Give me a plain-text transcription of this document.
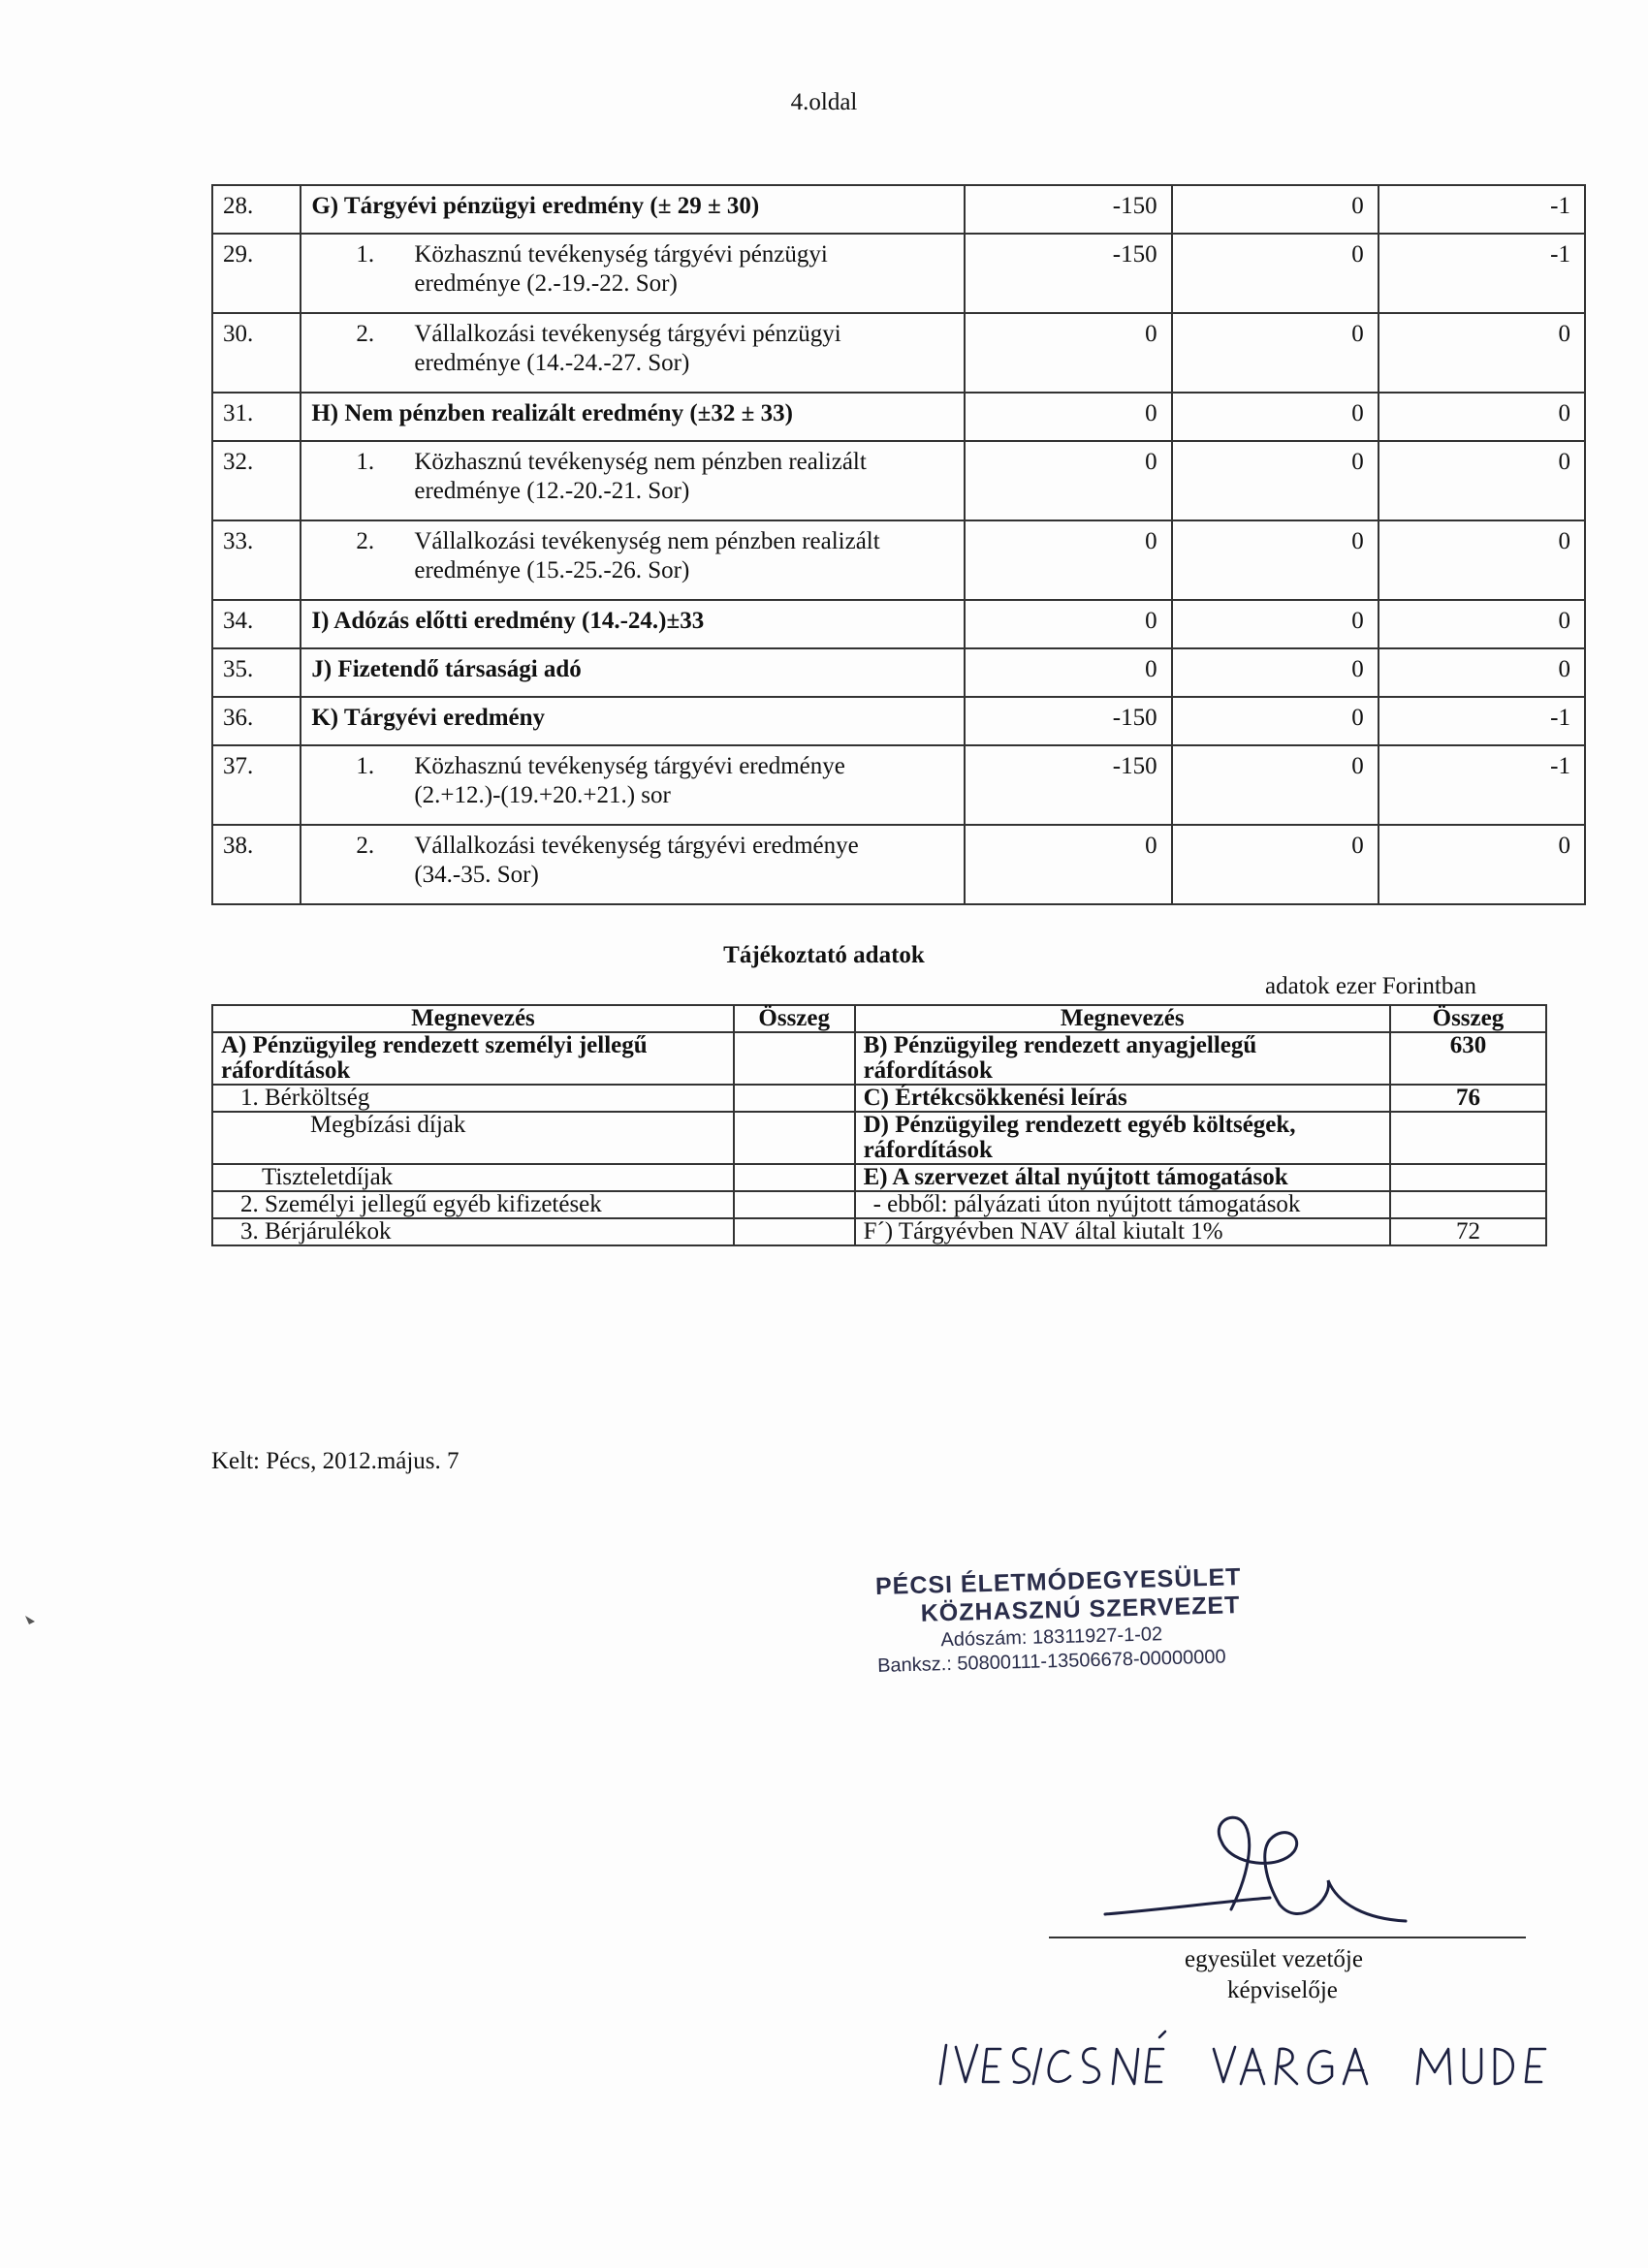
4.oldal
28.	G) Tárgyévi pénzügyi eredmény (± 29 ± 30)	-150	0	-1
29.	1. Közhasznú tevékenység tárgyévi pénzügyi eredménye (2.-19.-22. Sor)	-150	0	-1
30.	2. Vállalkozási tevékenység tárgyévi pénzügyi eredménye (14.-24.-27. Sor)	0	0	0
31.	H) Nem pénzben realizált eredmény (±32 ± 33)	0	0	0
32.	1. Közhasznú tevékenység nem pénzben realizált eredménye (12.-20.-21. Sor)	0	0	0
33.	2. Vállalkozási tevékenység nem pénzben realizált eredménye (15.-25.-26. Sor)	0	0	0
34.	I) Adózás előtti eredmény (14.-24.)±33	0	0	0
35.	J) Fizetendő társasági adó	0	0	0
36.	K) Tárgyévi eredmény	-150	0	-1
37.	1. Közhasznú tevékenység tárgyévi eredménye (2.+12.)-(19.+20.+21.) sor	-150	0	-1
38.	2. Vállalkozási tevékenység tárgyévi eredménye (34.-35. Sor)	0	0	0
Tájékoztató adatok
adatok ezer Forintban
Megnevezés	Összeg	Megnevezés	Összeg
A) Pénzügyileg rendezett személyi jellegű ráfordítások		B) Pénzügyileg rendezett anyagjellegű ráfordítások	630
1. Bérköltség		C) Értékcsökkenési leírás	76
Megbízási díjak		D) Pénzügyileg rendezett egyéb költségek, ráfordítások	
Tiszteletdíjak		E) A szervezet által nyújtott támogatások	
2. Személyi jellegű egyéb kifizetések		- ebből: pályázati úton nyújtott támogatások	
3. Bérjárulékok		F´) Tárgyévben NAV által kiutalt 1%	72
Kelt: Pécs, 2012.május. 7
PÉCSI ÉLETMÓDEGYESÜLET
KÖZHASZNÚ SZERVEZET
Adószám: 18311927-1-02
Banksz.: 50800111-13506678-00000000
egyesület vezetője
képviselője
